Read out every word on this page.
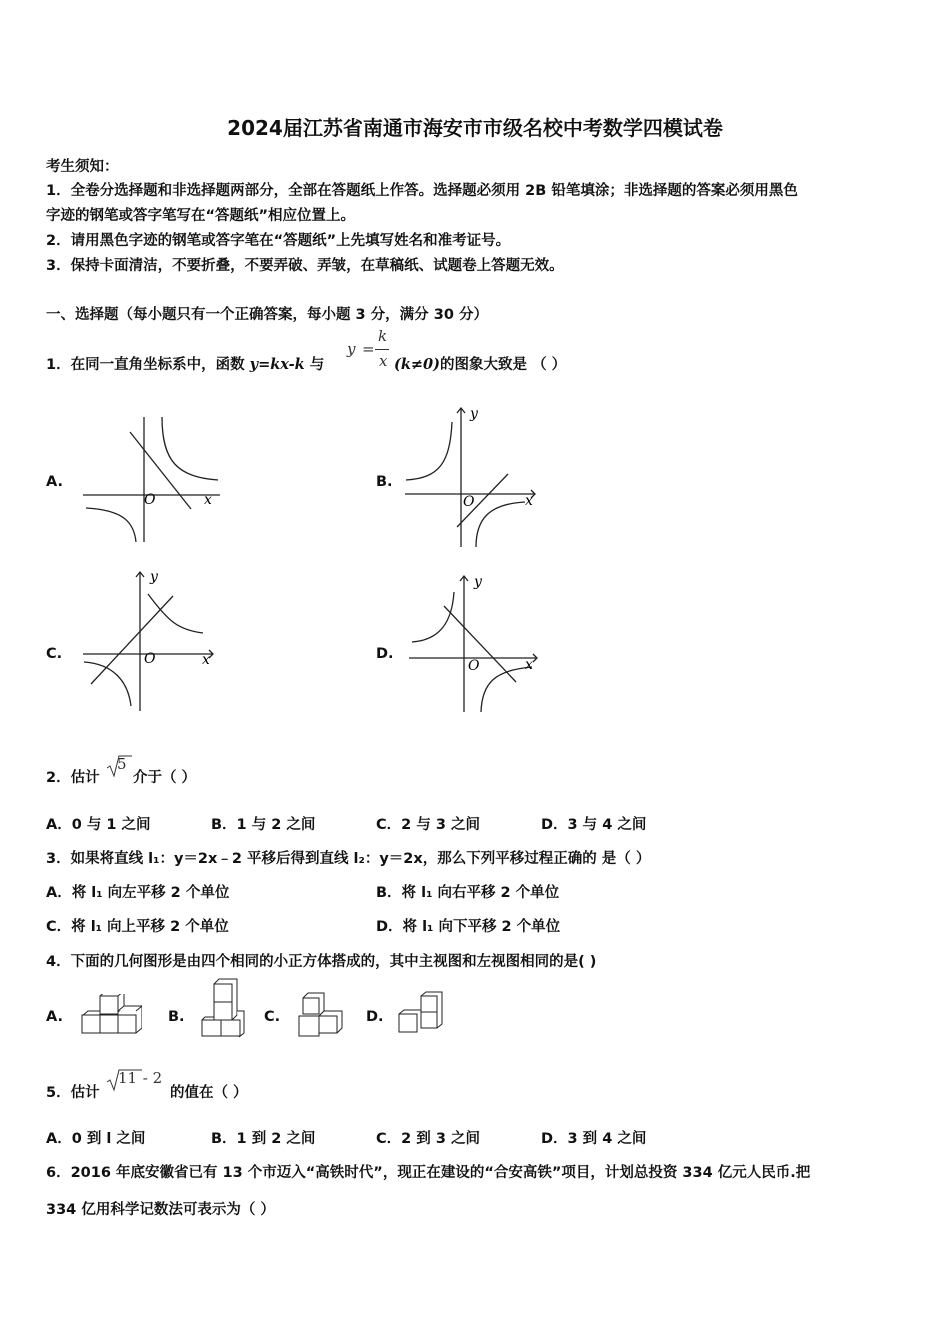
2024届江苏省南通市海安市市级名校中考数学四模试卷
考生须知：
1．全卷分选择题和非选择题两部分，全部在答题纸上作答。选择题必须用 2B 铅笔填涂；非选择题的答案必须用黑色
字迹的钢笔或答字笔写在“答题纸”相应位置上。
2．请用黑色字迹的钢笔或答字笔在“答题纸”上先填写姓名和准考证号。
3．保持卡面清洁，不要折叠，不要弄破、弄皱，在草稿纸、试题卷上答题无效。
一、选择题（每小题只有一个正确答案，每小题 3 分，满分 30 分）
1．在同一直角坐标系中，函数 y=kx-k 与
y =
k
x (k≠0)的图象大致是 （ ）
A.	B.
C.	D.
O	x
y
O	x
y
O	x
y
O	x
2．估计
5
介于（ ）
A．0 与 1 之间	B．1 与 2 之间	C．2 与 3 之间	D．3 与 4 之间
3．如果将直线 l₁：y＝2x﹣2 平移后得到直线 l₂：y＝2x，那么下列平移过程正确的 是（ ）
A．将 l₁ 向左平移 2 个单位	B．将 l₁ 向右平移 2 个单位
C．将 l₁ 向上平移 2 个单位	D．将 l₁ 向下平移 2 个单位
4．下面的几何图形是由四个相同的小正方体搭成的，其中主视图和左视图相同的是( )
A.	B.	C.	D.
5．估计
11 - 2
的值在（ ）
A．0 到 l 之间	B．1 到 2 之间	C．2 到 3 之间	D．3 到 4 之间
6．2016 年底安徽省已有 13 个市迈入“高铁时代”，现正在建设的“合安高铁”项目，计划总投资 334 亿元人民币.把
334 亿用科学记数法可表示为（ ）
